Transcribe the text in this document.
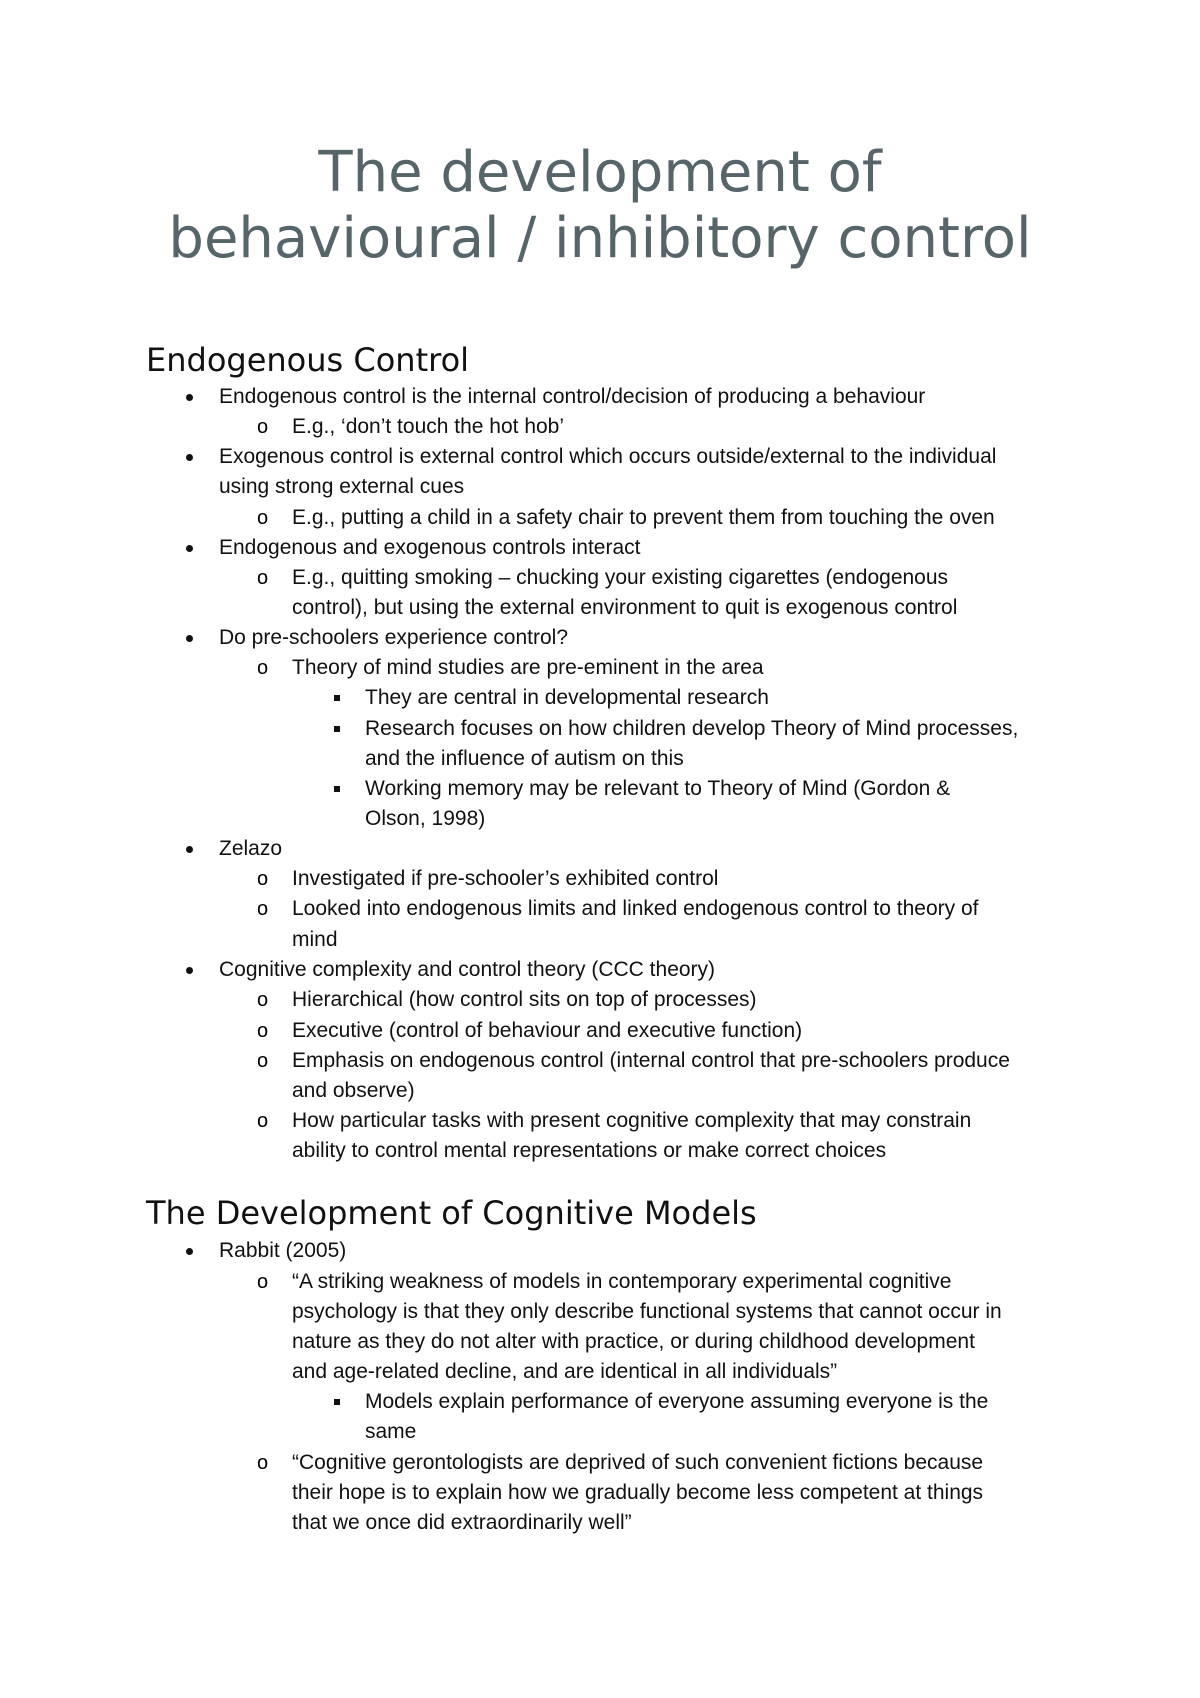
The development of
behavioural / inhibitory control
Endogenous Control
Endogenous control is the internal control/decision of producing a behaviour
o E.g., ‘don’t touch the hot hob’
Exogenous control is external control which occurs outside/external to the individual
using strong external cues
o E.g., putting a child in a safety chair to prevent them from touching the oven
Endogenous and exogenous controls interact
o E.g., quitting smoking – chucking your existing cigarettes (endogenous
control), but using the external environment to quit is exogenous control
Do pre-schoolers experience control?
o Theory of mind studies are pre-eminent in the area
They are central in developmental research
Research focuses on how children develop Theory of Mind processes,
and the influence of autism on this
Working memory may be relevant to Theory of Mind (Gordon &
Olson, 1998)
Zelazo
o Investigated if pre-schooler’s exhibited control
o Looked into endogenous limits and linked endogenous control to theory of
mind
Cognitive complexity and control theory (CCC theory)
o Hierarchical (how control sits on top of processes)
o Executive (control of behaviour and executive function)
o Emphasis on endogenous control (internal control that pre-schoolers produce
and observe)
o How particular tasks with present cognitive complexity that may constrain
ability to control mental representations or make correct choices
The Development of Cognitive Models
Rabbit (2005)
o “A striking weakness of models in contemporary experimental cognitive
psychology is that they only describe functional systems that cannot occur in
nature as they do not alter with practice, or during childhood development
and age-related decline, and are identical in all individuals”
Models explain performance of everyone assuming everyone is the
same
o “Cognitive gerontologists are deprived of such convenient fictions because
their hope is to explain how we gradually become less competent at things
that we once did extraordinarily well”
